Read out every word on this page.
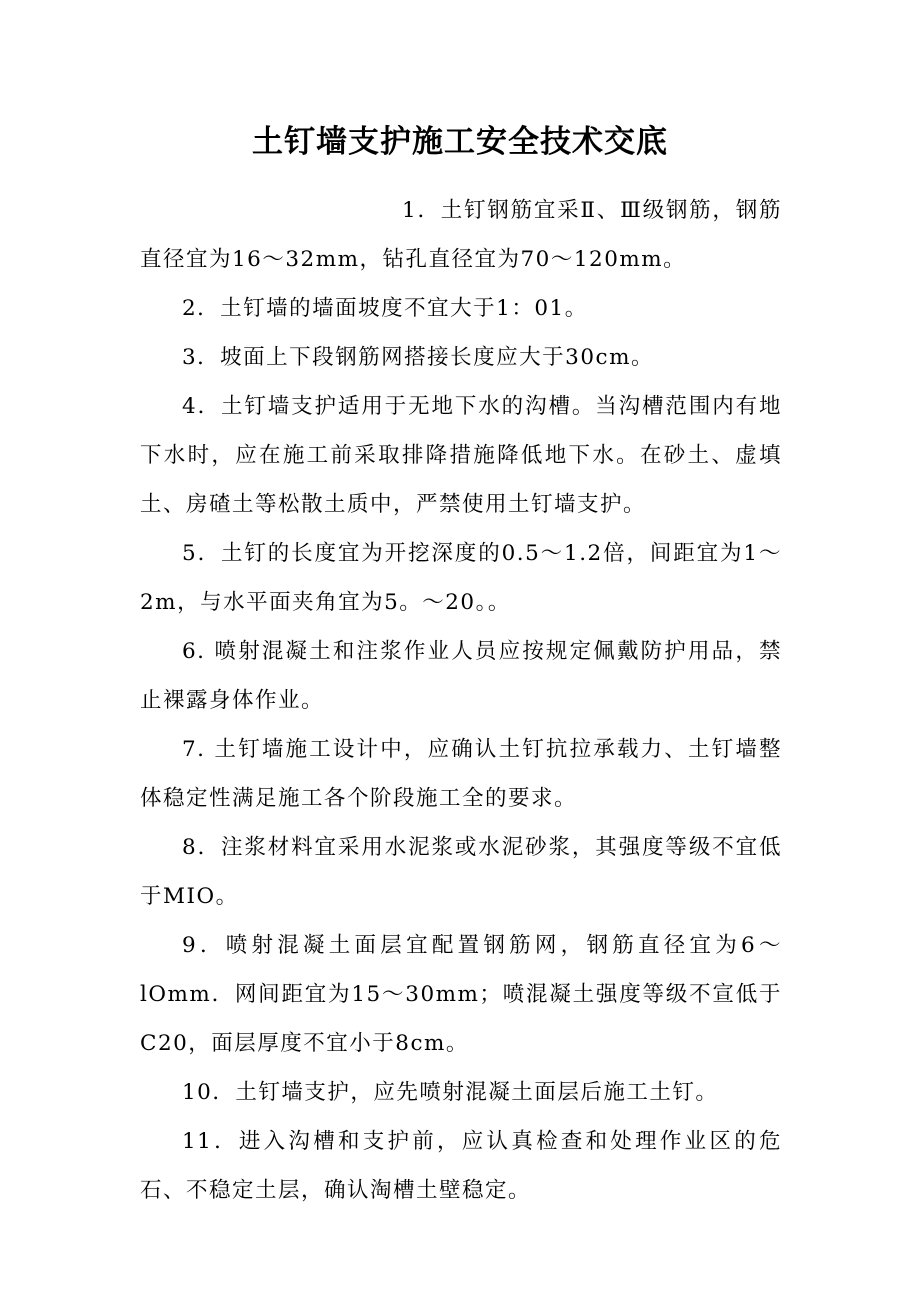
土钉墙支护施工安全技术交底

1．土钉钢筋宜采Ⅱ、Ⅲ级钢筋，钢筋直径宜为16～32mm，钻孔直径宜为70～120mm。

2．土钉墙的墙面坡度不宜大于1：01。

3．坡面上下段钢筋网搭接长度应大于30cm。

4．土钉墙支护适用于无地下水的沟槽。当沟槽范围内有地下水时，应在施工前采取排降措施降低地下水。在砂土、虚填土、房碴土等松散土质中，严禁使用土钉墙支护。

5．土钉的长度宜为开挖深度的0.5～1.2倍，间距宜为1～2m，与水平面夹角宜为5。～20。。

6. 喷射混凝土和注浆作业人员应按规定佩戴防护用品，禁止裸露身体作业。

7. 土钉墙施工设计中，应确认土钉抗拉承载力、土钉墙整体稳定性满足施工各个阶段施工全的要求。

8．注浆材料宜采用水泥浆或水泥砂浆，其强度等级不宜低于MIO。

9．喷射混凝土面层宜配置钢筋网，钢筋直径宜为6～lOmm．网间距宜为15～30mm；喷混凝土强度等级不宣低于C20，面层厚度不宜小于8cm。

10．土钉墙支护，应先喷射混凝土面层后施工土钉。

11．进入沟槽和支护前，应认真检查和处理作业区的危石、不稳定土层，确认淘槽土壁稳定。
